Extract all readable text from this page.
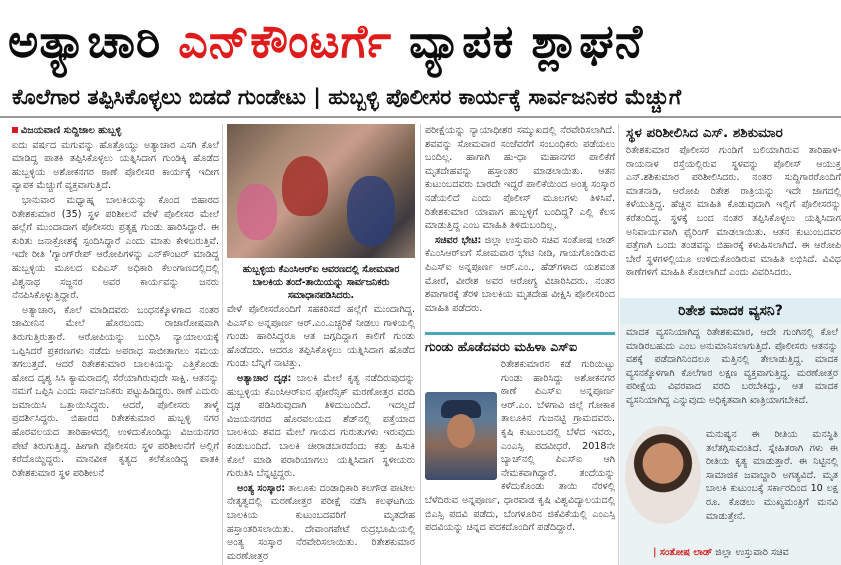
ಅತ್ಯಾಚಾರಿ ಎನ್‌ಕೌಂಟರ್ಗೆ ವ್ಯಾಪಕ ಶ್ಲಾಘನೆ
ಕೊಲೆಗಾರ ತಪ್ಪಿಸಿಕೊಳ್ಳಲು ಬಿಡದೆ ಗುಂಡೇಟು | ಹುಬ್ಬಳ್ಳಿ ಪೊಲೀಸರ ಕಾರ್ಯಕ್ಕೆ ಸಾರ್ವಜನಿಕರ ಮೆಚ್ಚುಗೆ

ವಿಜಯವಾಣಿ ಸುದ್ದಿಜಾಲ ಹುಬ್ಬಳ್ಳಿ

ಐದು ವರ್ಷದ ಮಗುವನ್ನು ಹೊತ್ತೊಯ್ದು ಅತ್ಯಾಚಾರ ಎಸಗಿ ಕೊಲೆ ಮಾಡಿದ್ದ ಪಾತಕಿ ತಪ್ಪಿಸಿಕೊಳ್ಳಲು ಯತ್ನಿಸಿದಾಗ ಗುಂಡಿಕ್ಕಿ ಹೊಡೆದ ಹುಬ್ಬಳ್ಳಿಯ ಅಶೋಕನಗರ ಠಾಣೆ ಪೊಲೀಸರ ಕಾರ್ಯಕ್ಕೆ ಇದೀಗ ವ್ಯಾಪಕ ಮೆಚ್ಚುಗೆ ವ್ಯಕ್ತವಾಗುತ್ತಿದೆ.

ಭಾನುವಾರ ಮಧ್ಯಾಹ್ನ ಬಾಲಕಿಯನ್ನು ಕೊಂದ ಬಿಹಾರದ ರಿತೇಶಕುಮಾರ (35) ಸ್ಥಳ ಪರಿಶೀಲನೆ ವೇಳೆ ಪೊಲೀಸರ ಮೇಲೆ ಹಲ್ಲೆಗೆ ಮುಂದಾದಾಗ ಪೊಲೀಸರು ಪ್ರತ್ಯಕ್ಷ ಗುಂಡು ಹಾರಿಸಿದ್ದಾರೆ. ಈ ಕುರಿತು ಜನಾಕ್ರೋಶಕ್ಕೆ ಸ್ಪಂದಿಸಿದ್ದಾರೆ ಎಂದು ಮಾತು ಕೇಳಿಬರುತ್ತಿವೆ. ಇದೇ ರೀತಿ 'ಗ್ಯಾಂಗ್‌ರೇಪ್ ಆರೋಪಿಗಳನ್ನು ಎನ್‌ಕೌಂಟರ್ ಮಾಡಿದ್ದ ಹುಬ್ಬಳ್ಳಿಯ ಮೂಲದ ಐಪಿಎಸ್ ಅಧಿಕಾರಿ ಕೆಲಂಗಾಣದಲ್ಲಿದಲ್ಲಿ ವಿಶ್ವನಾಥ ಸಜ್ಜನರ ಅವರ ಕಾರ್ಯವನ್ನು ಜನರು ನೆನಪಿಸಿಕೊಳ್ಳುತ್ತಿದ್ದಾರೆ.

ಅತ್ಯಾಚಾರ, ಕೊಲೆ ಮಾಡಿದವರು ಬಂಧನಕ್ಕೊಳಗಾದ ನಂತರ ಜಾಮೀನಿನ ಮೇಲೆ ಹೊರಬಂದು ರಾಜಾರೋಷವಾಗಿ ತಿರುಗುತ್ತಿರುತ್ತಾರೆ. ಆರೋಪಿಯನ್ನು ಬಂಧಿಸಿ ನ್ಯಾಯಾಲಯಕ್ಕೆ ಒಪ್ಪಿಸಿದರೆ ಪ್ರಕರಣಗಳು ನಡೆದು ಅಪರಾಧ ಸಾಬೀತಾಗಲು ಸಮಯ ತಗಲುತ್ತದೆ. ಆದರೆ ರಿತೇಶಕುಮಾರ ಬಾಲಕಿಯನ್ನು ಎತ್ತಿಕೊಂಡು ಹೋದ ದೃಶ್ಯ ಸಿಸಿ ಕ್ಯಾಮರಾದಲ್ಲಿ ಸೆರೆಯಾಗಿರುವುದೇ ಸಾಕ್ಷಿ. ಆತನನ್ನು ನಮಗೆ ಒಪ್ಪಿಸಿ ಎಂದು ಸಾರ್ವಜನಿಕರು ಪಟ್ಟುಹಿಡಿದ್ದರು. ಠಾಣೆ ಎದುರು ಜಮಾಯಿಸಿ ಒತ್ತಾಯಿಸಿದ್ದರು. ಆದರೆ, ಪೊಲೀಸರು ತಾಳ್ಮೆ ಪ್ರದರ್ಶಿಸಿದ್ದರು. ಬಿಹಾರದ ರಿತೇಶಕುಮಾರ ಹುಬ್ಬಳ್ಳಿ ನಗರ ಹೊರವಲಯದ ತಾರಿಹಾಳದಲ್ಲಿ ಉಳಿದುಕೊಂಡಿದ್ದು ವಿಜಯನಗರ ಪೇಟೆ ತಿರುಗುತ್ತಿದ್ದ. ಹೀಗಾಗಿ ಪೊಲೀಸರು ಸ್ಥಳ ಪರಿಶೀಲನೆಗೆ ಅಲ್ಲಿಗೆ ಕರೆದೊಯ್ದಿದ್ದರು. ಮಾನವೀಕ ಕೃತ್ಯದ ಕಲೆಕೊಂಡಿದ್ದ ಪಾತಕಿ ರಿತೇಶಕುಮಾರ ಸ್ಥಳ ಪರಿಶೀಲನೆ

ಹುಬ್ಬಳ್ಳಿಯ ಕೆಎಂಸಿಆರ್‌ಐ ಆವರಣದಲ್ಲಿ ಸೋಮವಾರ ಬಾಲಕಿಯ ತಂದೆ-ತಾಯಿಯನ್ನು ಸಾರ್ವಜನಿಕರು ಸಮಾಧಾನಪಡಿಸಿದರು.

ವೇಳೆ ಪೊಲೀಸರೊಂದಿಗೆ ಸಹಕರಿಸದೆ ಹಲ್ಲೆಗೆ ಮುಂದಾಗಿದ್ದ. ಪಿಎಸ್‌ಐ ಅನ್ನಪೂರ್ಣ ಆರ್.ಎಂ.ಎಚ್ಚರಿಕೆ ನೀಡಲು ಗಾಳಿಯಲ್ಲಿ ಗುಂಡು ಹಾರಿಸಿದ್ದರೂ ಆತ ಜಗ್ಗದಿದ್ದಾಗ ಕಾಲಿಗೆ ಗುಂಡು ಹೊಡೆದರು. ಆದರೂ ತಪ್ಪಿಸಿಕೊಳ್ಳಲು ಯತ್ನಿಸಿದಾಗ ಹೊಡೆದ ಗುಂಡು ಬೆನ್ನಿಗೆ ನಾಟಿತ್ತು.

ಅತ್ಯಾಚಾರ ದೃಢ: ಬಾಲಕಿ ಮೇಲೆ ಕೃತ್ಯ ನಡೆದಿರುವುದನ್ನು ಹುಬ್ಬಳ್ಳಿಯ ಕೆಎಂಸಿಆರ್‌ಐನ ಫೋರೆನ್ಸಿಕ್ ಮರಣೋತ್ತರ ವರದಿ ದೃಢ ಪಡಿಸಿರುವುದಾಗಿ ತಿಳಿದುಬಂದಿದೆ. ಇದಲ್ಲದೆ ವಿಜಯನಗರದ ಹೊರವಲಯದ ಶೆಡ್‌ನಲ್ಲಿ ಪತ್ತೆಯಾದ ಬಾಲಕಿಯ ಶವದ ಮೇಲೆ ಗಾಯದ ಗುರುತುಗಳು ಇರುವುದು ಕಂಡುಬಂದಿದೆ. ಬಾಲಕಿ ಚೀರಾಡಬಾರದೆಂದು ಕತ್ತು ಹಿಸುಕಿ ಕೊಲೆ ಮಾಡಿ ಪರಾರಿಯಾಗಲು ಯತ್ನಿಸಿದಾಗ ಸ್ಥಳೀಯರು ಗುರುತಿಸಿ ಬೆನ್ನಟ್ಟಿದ್ದರು.

ಅಂತ್ಯ ಸಂಸ್ಕಾರ: ತಾಲೂಕು ದಂಡಾಧಿಕಾರಿ ಕಲಗೌಡ ಪಾಟೀಲ ನೇತೃತ್ವದಲ್ಲಿ ಮರಣೋತ್ತರ ಪರೀಕ್ಷೆ ನಡೆಸಿ ಕಲಘಟಗಿಯ ಬಾಲಕಿಯ ಕುಟುಂಬದವರಿಗೆ ಮೃತದೇಹ ಹಸ್ತಾಂತರಿಸಲಾಯಿತು. ದೇವಾಂಗಪೇಟೆ ರುದ್ರಭೂಮಿಯಲ್ಲಿ ಅಂತ್ಯ ಸಂಸ್ಕಾರ ನೆರವೇರಿಸಲಾಯಿತು. ರಿತೇಶಕುಮಾರ ಮರಣೋತ್ತರ

ಪರೀಕ್ಷೆಯನ್ನು ನ್ಯಾಯಾಧೀಶರ ಸಮ್ಮುಖದಲ್ಲಿ ನೆರವೇರಿಸಲಾಗಿದೆ. ಶವವನ್ನು ಸೋಮವಾರ ಸಂಜೆವರೆಗೆ ಸಂಬಂಧಿಕರು ಪಡೆಯಲು ಬಂದಿಲ್ಲ. ಹಾಗಾಗಿ ಹು-ಧಾ ಮಹಾನಗರ ಪಾಲಿಕೆಗೆ ಮೃತದೇಹವನ್ನು ಹಸ್ತಾಂತರ ಮಾಡಲಾಯಿತು. ಆತನ ಕುಟುಂಬದವರು ಬಾರದೇ ಇದ್ದರೆ ಪಾಲಿಕೆಯಿಂದ ಅಂತ್ಯ ಸಂಸ್ಕಾರ ನಡೆಯಲಿದೆ ಎಂದು ಪೊಲೀಸ್ ಮೂಲಗಳು ತಿಳಿಸಿವೆ. ರಿತೇಶಕುಮಾರ ಯಾವಾಗ ಹುಬ್ಬಳ್ಳಿಗೆ ಬಂದಿದ್ದ? ಎಲ್ಲಿ ಕೆಲಸ ಮಾಡುತ್ತಿದ್ದ ಎಂಬ ಮಾಹಿತಿ ತಿಳಿದುಬಂದಿಲ್ಲ.

ಸಚಿವರ ಭೇಟಿ: ಜಿಲ್ಲಾ ಉಸ್ತುವಾರಿ ಸಚಿವ ಸಂತೋಷ ಲಾಡ್ ಕೆಎಂಸಿಆರ್‌ಐಗೆ ಸೋಮವಾರ ಭೇಟಿ ನೀಡಿ, ಗಾಯಗೊಂಡಿರುವ ಪಿಎಸ್‌ಐ ಅನ್ನಪೂರ್ಣ ಆರ್.ಎಂ., ಹೆಡ್‌ಗಳಾದ ಯಶವಂತ ಮೋರೆ, ವೀರೇಶ ಅವರ ಆರೋಗ್ಯ ವಿಚಾರಿಸಿದರು. ನಂತರ ಶವಾಗಾರಕ್ಕೆ ತೆರಳಿ ಬಾಲಕಿಯ ಮೃತದೇಹ ವೀಕ್ಷಿಸಿ ಪೊಲೀಸರಿಂದ ಮಾಹಿತಿ ಪಡೆದರು.

ಗುಂಡು ಹೊಡೆದವರು ಮಹಿಳಾ ಎಸ್‌ಐ

ರಿತೇಶಕುಮಾರನ ಕಡೆ ಗುರಿಯಿಟ್ಟು ಗುಂಡು ಹಾರಿಸಿದ್ದು ಅಶೋಕನಗರ ಠಾಣೆ ಪಿಎಸ್‌ಐ ಅನ್ನಪೂರ್ಣ ಆರ್.ಎಂ. ಬೆಳಗಾವಿ ಜಿಲ್ಲೆ ಗೋಕಾಕ ತಾಲೂಕಿನ ಗುಜನಟ್ಟಿ ಗ್ರಾಮದವರು. ಕೃಷಿ ಕುಟುಂಬದಲ್ಲಿ ಬೆಳೆದ ಇವರು, ಎಂಎಸ್ಸಿ ಪದವೀಧರೆ. 2018ನೇ ಬ್ಯಾಚ್‌ನಲ್ಲಿ ಪಿಎಸ್‌ಐ ಆಗಿ ನೇಮಕವಾಗಿದ್ದಾರೆ. ತಂದೆಯನ್ನು ಕಳೆದುಕೊಂಡು ತಾಯಿ ನೆರಳಲ್ಲಿ ಬೆಳೆದಿರುವ ಅನ್ನಪೂರ್ಣ, ಧಾರವಾಡ ಕೃಷಿ ವಿಶ್ವವಿದ್ಯಾಲಯದಲ್ಲಿ ಬಿಎಸ್ಸಿ ಪದವಿ ಪಡೆದು, ಬೆಂಗಳೂರಿನ ಜಿಕೆವಿಕೆಯಲ್ಲಿ ಎಂಎಸ್ಸಿ ಪದವಿಯನ್ನು ಚಿನ್ನದ ಪದಕದೊಂದಿಗೆ ಪಡೆದಿದ್ದಾರೆ.

ಸ್ಥಳ ಪರಿಶೀಲಿಸಿದ ಎಸ್. ಶಶಿಕುಮಾರ

ರಿತೇಶಕುಮಾರ ಪೊಲೀಸರ ಗುಂಡಿಗೆ ಬಲಿಯಾಗಿರುವ ತಾರಿಹಾಳ-ರಾಯನಾಳ ರಸ್ತೆಯಲ್ಲಿರುವ ಸ್ಥಳವನ್ನು ಪೊಲೀಸ್ ಆಯುಕ್ತ ಎನ್.ಶಶಿಕುಮಾರ ಪರಿಶೀಲಿಸಿದರು. ನಂತರ ಸುದ್ದಿಗಾರರೊಂದಿಗೆ ಮಾತನಾಡಿ, ಆರೋಪಿ ರಿತೇಶ ರಾತ್ರಿಯನ್ನು ಇದೇ ಜಾಗದಲ್ಲಿ ಕಳೆಯುತ್ತಿದ್ದ. ಹೆಚ್ಚಿನ ಮಾಹಿತಿ ಕೊಡುವುದಾಗಿ ಇಲ್ಲಿಗೆ ಪೊಲೀಸರನ್ನು ಕರೆತಂದಿದ್ದ. ಸ್ಥಳಕ್ಕೆ ಬಂದ ನಂತರ ತಪ್ಪಿಸಿಕೊಳ್ಳಲು ಯತ್ನಿಸಿದಾಗ ಅನಿವಾರ್ಯವಾಗಿ ಫೈರಿಂಗ್ ಮಾಡಲಾಯಿತು. ಆತನ ಕುಟುಂಬದವರ ಪತ್ತೆಗಾಗಿ ಒಂದು ತಂಡವನ್ನು ಬಿಹಾರಕ್ಕೆ ಕಳುಹಿಸಲಾಗಿದೆ. ಈ ಆರೋಪಿ ಬೇರೆ ಸ್ಥಳಗಳಲ್ಲಿಯೂ ಉಳಿದುಕೊಂಡಿರುವ ಮಾಹಿತಿ ಲಭಿಸಿದೆ. ವಿವಿಧ ಠಾಣೆಗಳಿಗೆ ಮಾಹಿತಿ ಕೊಡಲಾಗಿದೆ ಎಂದು ವಿವರಿಸಿದರು.

ರಿತೇಶ ಮಾದಕ ವ್ಯಸನಿ?

ಮಾದಕ ವ್ಯಸನಿಯಾಗಿದ್ದ ರಿತೇಶಕುಮಾರ, ಆದೇ ಗುಂಗಿನಲ್ಲಿ ಕೊಲೆ ಮಾಡಿರಬಹುದು ಎಂಬ ಅನುಮಾನಿಸಲಾಗುತ್ತಿದೆ. ಪೊಲೀಸರು ಆತನನ್ನು ವಶಕ್ಕೆ ಪಡೆದಾಗಿನಿಂದಲೂ ಮತ್ತಿನಲ್ಲಿ ತೇಲಾಡುತ್ತಿದ್ದ. ಮಾದಕ ವ್ಯಸನಕ್ಕೊಳಗಾಗಿ ಕೊಲೆಗಾರ ಲಕ್ಷಣ ವ್ಯಕ್ತವಾಗುತ್ತಿದ್ದ. ಮರಣೋತ್ತರ ಪರೀಕ್ಷೆಯ ವಿವರವಾದ ವರದಿ ಬರಬೇಕಿದ್ದು, ಆತ ಮಾದಕ ವ್ಯಸನಿಯಾಗಿದ್ದ ಎನ್ನುವುದು ಅಧಿಕೃತವಾಗಿ ಖಾತ್ರಿಯಾಗಬೇಕಿದೆ.

ಮನುಷ್ಯನ ಈ ರೀತಿಯ ಮನಸ್ಥಿತಿ ತಲೆತಗ್ಗಿಸುವಂತಿದೆ. ಸ್ನೇಹಿತರಾಗಿ ಗಳು ಈ ರೀತಿಯ ಕೃತ್ಯ ಮಾಡುತ್ತಾರೆ. ಈ ನಿಟ್ಟಿನಲ್ಲಿ ಸಾಮಾಜಿಕ ಜವಾಬ್ದಾರಿ ಅಗತ್ಯವಿದೆ. ಮೃತ ಬಾಲಕಿ ಕುಟುಂಬಕ್ಕೆ ಸರ್ಕಾರದಿಂದ 10 ಲಕ್ಷ ರೂ. ಕೊಡಲು ಮುಖ್ಯಮಂತ್ರಿಗೆ ಮನವಿ ಮಾಡುತ್ತೇನೆ.

| ಸಂತೋಷ ಲಾಡ್ ಜಿಲ್ಲಾ ಉಸ್ತುವಾರಿ ಸಚಿವ
